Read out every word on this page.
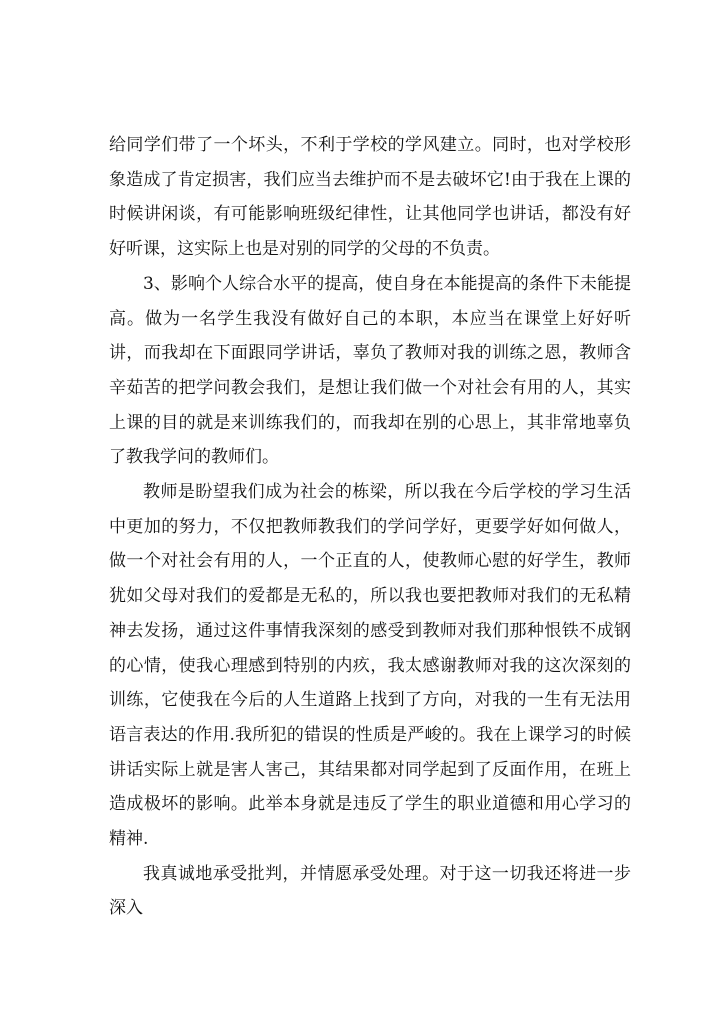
给同学们带了一个坏头，不利于学校的学风建立。同时，也对学校形象造成了肯定损害，我们应当去维护而不是去破坏它!由于我在上课的时候讲闲谈，有可能影响班级纪律性，让其他同学也讲话，都没有好好听课，这实际上也是对别的同学的父母的不负责。

3、影响个人综合水平的提高，使自身在本能提高的条件下未能提高。做为一名学生我没有做好自己的本职，本应当在课堂上好好听讲，而我却在下面跟同学讲话，辜负了教师对我的训练之恩，教师含辛茹苦的把学问教会我们，是想让我们做一个对社会有用的人，其实上课的目的就是来训练我们的，而我却在别的心思上，其非常地辜负了教我学问的教师们。

教师是盼望我们成为社会的栋梁，所以我在今后学校的学习生活中更加的努力，不仅把教师教我们的学问学好，更要学好如何做人，做一个对社会有用的人，一个正直的人，使教师心慰的好学生，教师犹如父母对我们的爱都是无私的，所以我也要把教师对我们的无私精神去发扬，通过这件事情我深刻的感受到教师对我们那种恨铁不成钢的心情，使我心理感到特别的内疚，我太感谢教师对我的这次深刻的训练，它使我在今后的人生道路上找到了方向，对我的一生有无法用语言表达的作用.我所犯的错误的性质是严峻的。我在上课学习的时候讲话实际上就是害人害己，其结果都对同学起到了反面作用，在班上造成极坏的影响。此举本身就是违反了学生的职业道德和用心学习的精神.

我真诚地承受批判，并情愿承受处理。对于这一切我还将进一步深入
